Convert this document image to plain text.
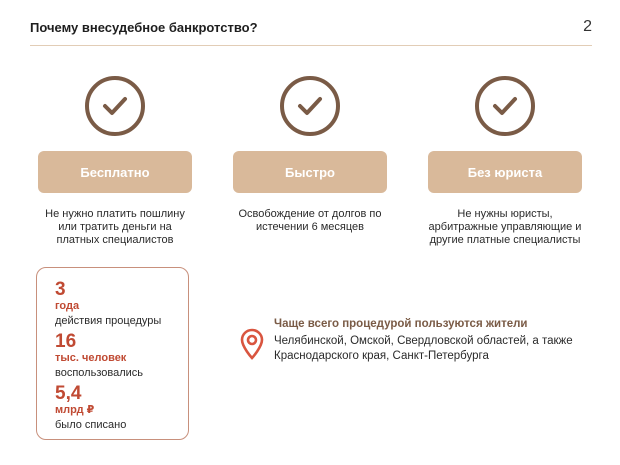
Почему внесудебное банкротство?	2
Бесплатно
Не нужно платить пошлину или тратить деньги на платных специалистов
Быстро
Освобождение от долгов по истечении 6 месяцев
Без юриста
Не нужны юристы, арбитражные управляющие и другие платные специалисты
3
года
действия процедуры
16
тыс. человек
воспользовались
5,4
млрд ₽
было списано
Чаще всего процедурой пользуются жители
Челябинской, Омской, Свердловской областей, а также Краснодарского края, Санкт-Петербурга
